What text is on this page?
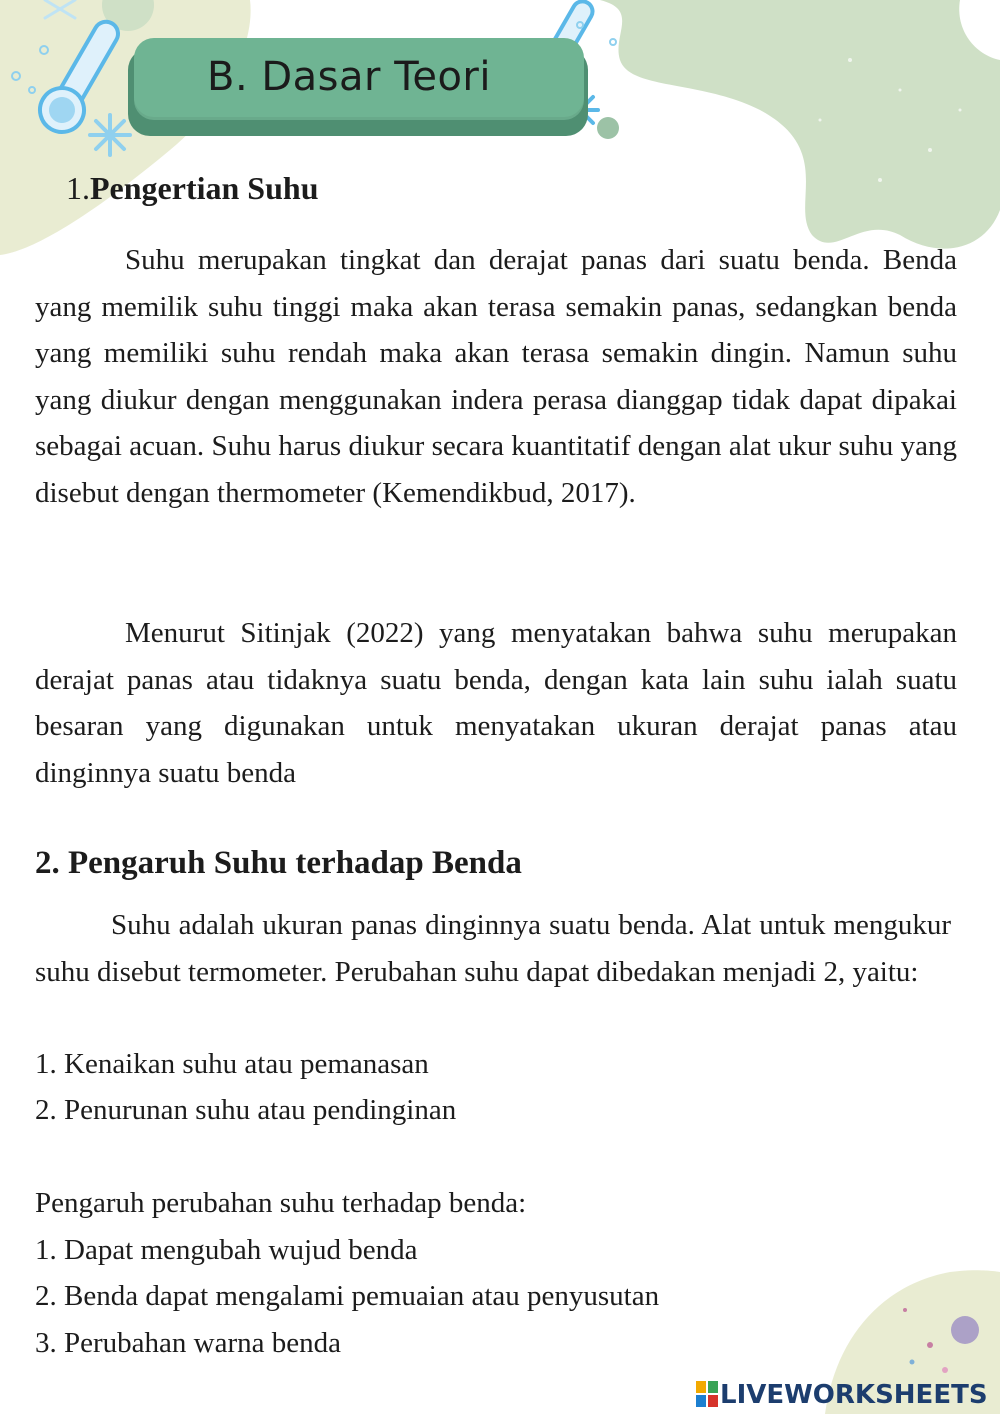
B. Dasar Teori
1.Pengertian Suhu

Suhu merupakan tingkat dan derajat panas dari suatu benda. Benda yang memilik suhu tinggi maka akan terasa semakin panas, sedangkan benda yang memiliki suhu rendah maka akan terasa semakin dingin. Namun suhu yang diukur dengan menggunakan indera perasa dianggap tidak dapat dipakai sebagai acuan. Suhu harus diukur secara kuantitatif dengan alat ukur suhu yang disebut dengan thermometer (Kemendikbud, 2017).

Menurut Sitinjak (2022) yang menyatakan bahwa suhu merupakan derajat panas atau tidaknya suatu benda, dengan kata lain suhu ialah suatu besaran yang digunakan untuk menyatakan ukuran derajat panas atau dinginnya suatu benda

2. Pengaruh Suhu terhadap Benda

Suhu adalah ukuran panas dinginnya suatu benda. Alat untuk mengukur suhu disebut termometer. Perubahan suhu dapat dibedakan menjadi 2, yaitu:

1. Kenaikan suhu atau pemanasan
2. Penurunan suhu atau pendinginan
Pengaruh perubahan suhu terhadap benda:
1. Dapat mengubah wujud benda
2. Benda dapat mengalami pemuaian atau penyusutan
3. Perubahan warna benda
LIVEWORKSHEETS
